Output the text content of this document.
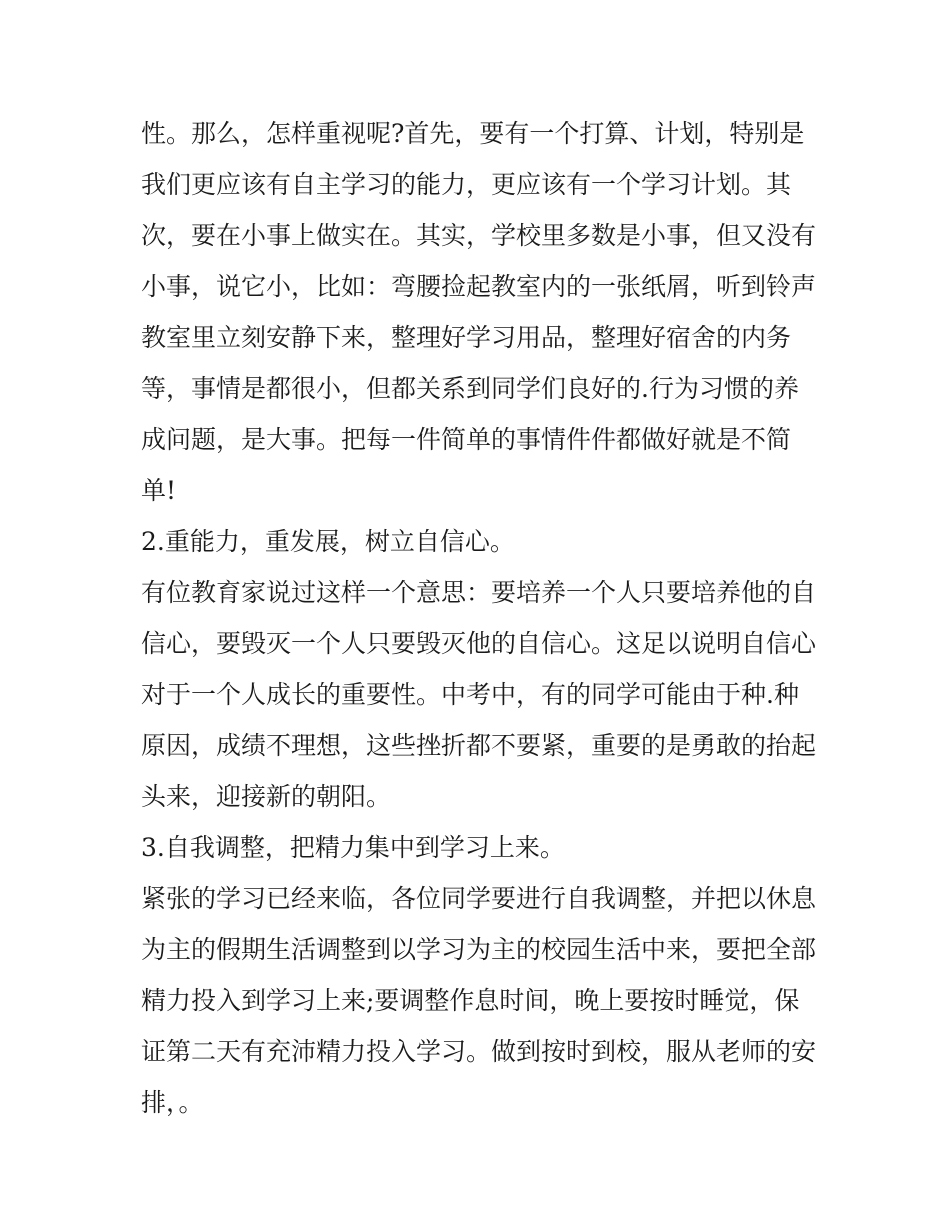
性。那么，怎样重视呢?首先，要有一个打算、计划，特别是

我们更应该有自主学习的能力，更应该有一个学习计划。其

次，要在小事上做实在。其实，学校里多数是小事，但又没有

小事，说它小，比如：弯腰捡起教室内的一张纸屑，听到铃声

教室里立刻安静下来，整理好学习用品，整理好宿舍的内务

等，事情是都很小，但都关系到同学们良好的.行为习惯的养

成问题，是大事。把每一件简单的事情件件都做好就是不简

单!

2.重能力，重发展，树立自信心。

有位教育家说过这样一个意思：要培养一个人只要培养他的自

信心，要毁灭一个人只要毁灭他的自信心。这足以说明自信心

对于一个人成长的重要性。中考中，有的同学可能由于种.种

原因，成绩不理想，这些挫折都不要紧，重要的是勇敢的抬起

头来，迎接新的朝阳。

3.自我调整，把精力集中到学习上来。

紧张的学习已经来临，各位同学要进行自我调整，并把以休息

为主的假期生活调整到以学习为主的校园生活中来，要把全部

精力投入到学习上来;要调整作息时间，晚上要按时睡觉，保

证第二天有充沛精力投入学习。做到按时到校，服从老师的安

排，。
